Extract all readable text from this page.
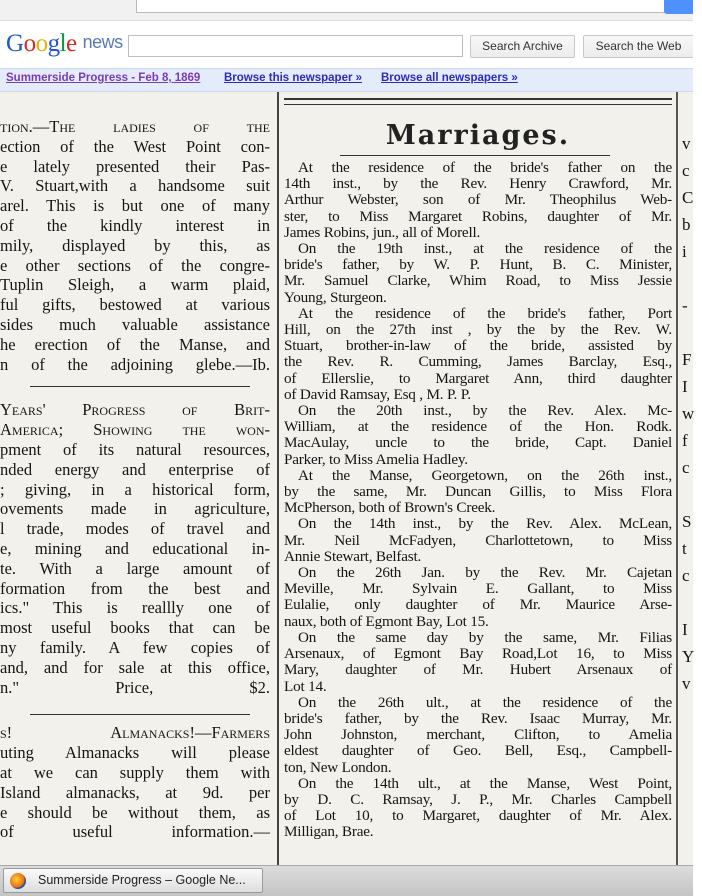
Google news	Search Archive	Search the Web
Summerside Progress - Feb 8, 1869 Browse this newspaper » Browse all newspapers »
Marriages.
tion.—The ladies of the
ection of the West Point con-
e lately presented their Pas-
V. Stuart,with a handsome suit
arel. This is but one of many
of the kindly interest in
mily, displayed by this, as
e other sections of the congre-
Tuplin Sleigh, a warm plaid,
ful gifts, bestowed at various
sides much valuable assistance
he erection of the Manse, and
n of the adjoining glebe.—Ib.
Years' Progress of Brit-
America; Showing the won-
pment of its natural resources,
nded energy and enterprise of
; giving, in a historical form,
ovements made in agriculture,
l trade, modes of travel and
e, mining and educational in-
te. With a large amount of
formation from the best and
ics." This is reallly one of
most useful books that can be
ny family. A few copies of
and, and for sale at this office,
n." Price, $2.
s! Almanacks!—Farmers
uting Almanacks will please
at we can supply them with
Island almanacks, at 9d. per
e should be without them, as
of useful information.—
At the residence of the bride's father on the
14th inst., by the Rev. Henry Crawford, Mr.
Arthur Webster, son of Mr. Theophilus Web-
ster, to Miss Margaret Robins, daughter of Mr.
James Robins, jun., all of Morell.
On the 19th inst., at the residence of the
bride's father, by W. P. Hunt, B. C. Minister,
Mr. Samuel Clarke, Whim Road, to Miss Jessie
Young, Sturgeon.
At the residence of the bride's father, Port
Hill, on the 27th inst , by the by the Rev. W.
Stuart, brother-in-law of the bride, assisted by
the Rev. R. Cumming, James Barclay, Esq.,
of Ellerslie, to Margaret Ann, third daughter
of David Ramsay, Esq , M. P. P.
On the 20th inst., by the Rev. Alex. Mc-
William, at the residence of the Hon. Rodk.
MacAulay, uncle to the bride, Capt. Daniel
Parker, to Miss Amelia Hadley.
At the Manse, Georgetown, on the 26th inst.,
by the same, Mr. Duncan Gillis, to Miss Flora
McPherson, both of Brown's Creek.
On the 14th inst., by the Rev. Alex. McLean,
Mr. Neil McFadyen, Charlottetown, to Miss
Annie Stewart, Belfast.
On the 26th Jan. by the Rev. Mr. Cajetan
Meville, Mr. Sylvain E. Gallant, to Miss
Eulalie, only daughter of Mr. Maurice Arse-
naux, both of Egmont Bay, Lot 15.
On the same day by the same, Mr. Filias
Arsenaux, of Egmont Bay Road,Lot 16, to Miss
Mary, daughter of Mr. Hubert Arsenaux of
Lot 14.
On the 26th ult., at the residence of the
bride's father, by the Rev. Isaac Murray, Mr.
John Johnston, merchant, Clifton, to Amelia
eldest daughter of Geo. Bell, Esq., Campbell-
ton, New London.
On the 14th ult., at the Manse, West Point,
by D. C. Ramsay, J. P., Mr. Charles Campbell
of Lot 10, to Margaret, daughter of Mr. Alex.
Milligan, Brae.
v
c
C
b
i
-
F
I
w
f
c
S
t
c
I
Y
v
Summerside Progress – Google Ne...
